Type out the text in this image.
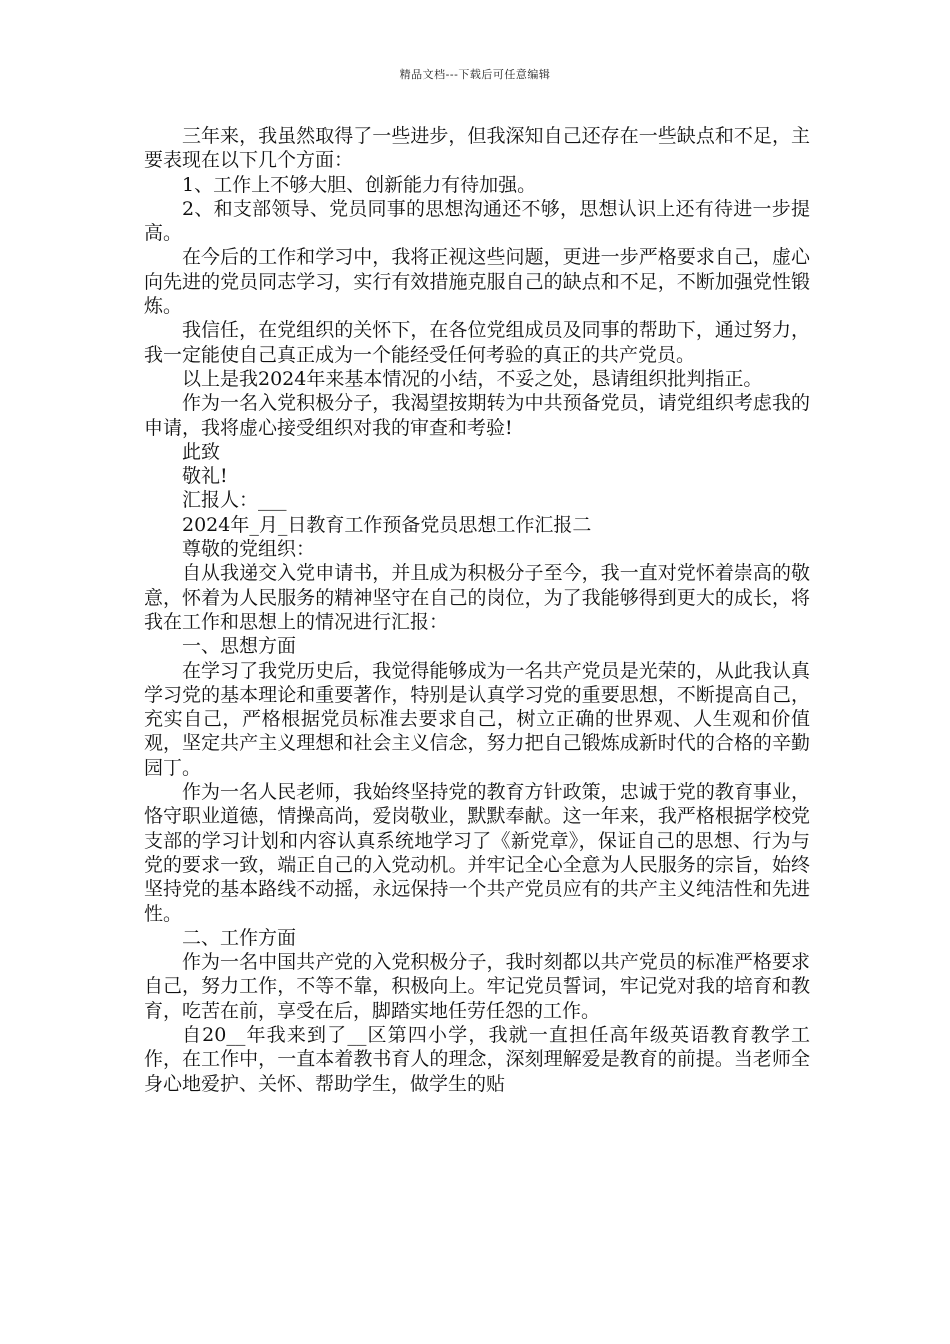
精品文档---下载后可任意编辑

三年来，我虽然取得了一些进步，但我深知自己还存在一些缺点和不足，主要表现在以下几个方面：

1、工作上不够大胆、创新能力有待加强。

2、和支部领导、党员同事的思想沟通还不够，思想认识上还有待进一步提高。

在今后的工作和学习中，我将正视这些问题，更进一步严格要求自己，虚心向先进的党员同志学习，实行有效措施克服自己的缺点和不足，不断加强党性锻炼。

我信任，在党组织的关怀下，在各位党组成员及同事的帮助下，通过努力，我一定能使自己真正成为一个能经受任何考验的真正的共产党员。

以上是我2024年来基本情况的小结，不妥之处，恳请组织批判指正。

作为一名入党积极分子，我渴望按期转为中共预备党员，请党组织考虑我的申请，我将虚心接受组织对我的审查和考验!

此致

敬礼!

汇报人：___

2024年_月_日教育工作预备党员思想工作汇报二

尊敬的党组织：

自从我递交入党申请书，并且成为积极分子至今，我一直对党怀着崇高的敬意，怀着为人民服务的精神坚守在自己的岗位，为了我能够得到更大的成长，将我在工作和思想上的情况进行汇报：

一、思想方面

在学习了我党历史后，我觉得能够成为一名共产党员是光荣的，从此我认真学习党的基本理论和重要著作，特别是认真学习党的重要思想，不断提高自己，充实自己，严格根据党员标准去要求自己，树立正确的世界观、人生观和价值观，坚定共产主义理想和社会主义信念，努力把自己锻炼成新时代的合格的辛勤园丁。

作为一名人民老师，我始终坚持党的教育方针政策，忠诚于党的教育事业，恪守职业道德，情操高尚，爱岗敬业，默默奉献。这一年来，我严格根据学校党支部的学习计划和内容认真系统地学习了《新党章》，保证自己的思想、行为与党的要求一致，端正自己的入党动机。并牢记全心全意为人民服务的宗旨，始终坚持党的基本路线不动摇，永远保持一个共产党员应有的共产主义纯洁性和先进性。

二、工作方面

作为一名中国共产党的入党积极分子，我时刻都以共产党员的标准严格要求自己，努力工作，不等不靠，积极向上。牢记党员誓词，牢记党对我的培育和教育，吃苦在前，享受在后，脚踏实地任劳任怨的工作。

自20__年我来到了__区第四小学，我就一直担任高年级英语教育教学工作，在工作中，一直本着教书育人的理念，深刻理解爱是教育的前提。当老师全身心地爱护、关怀、帮助学生，做学生的贴
